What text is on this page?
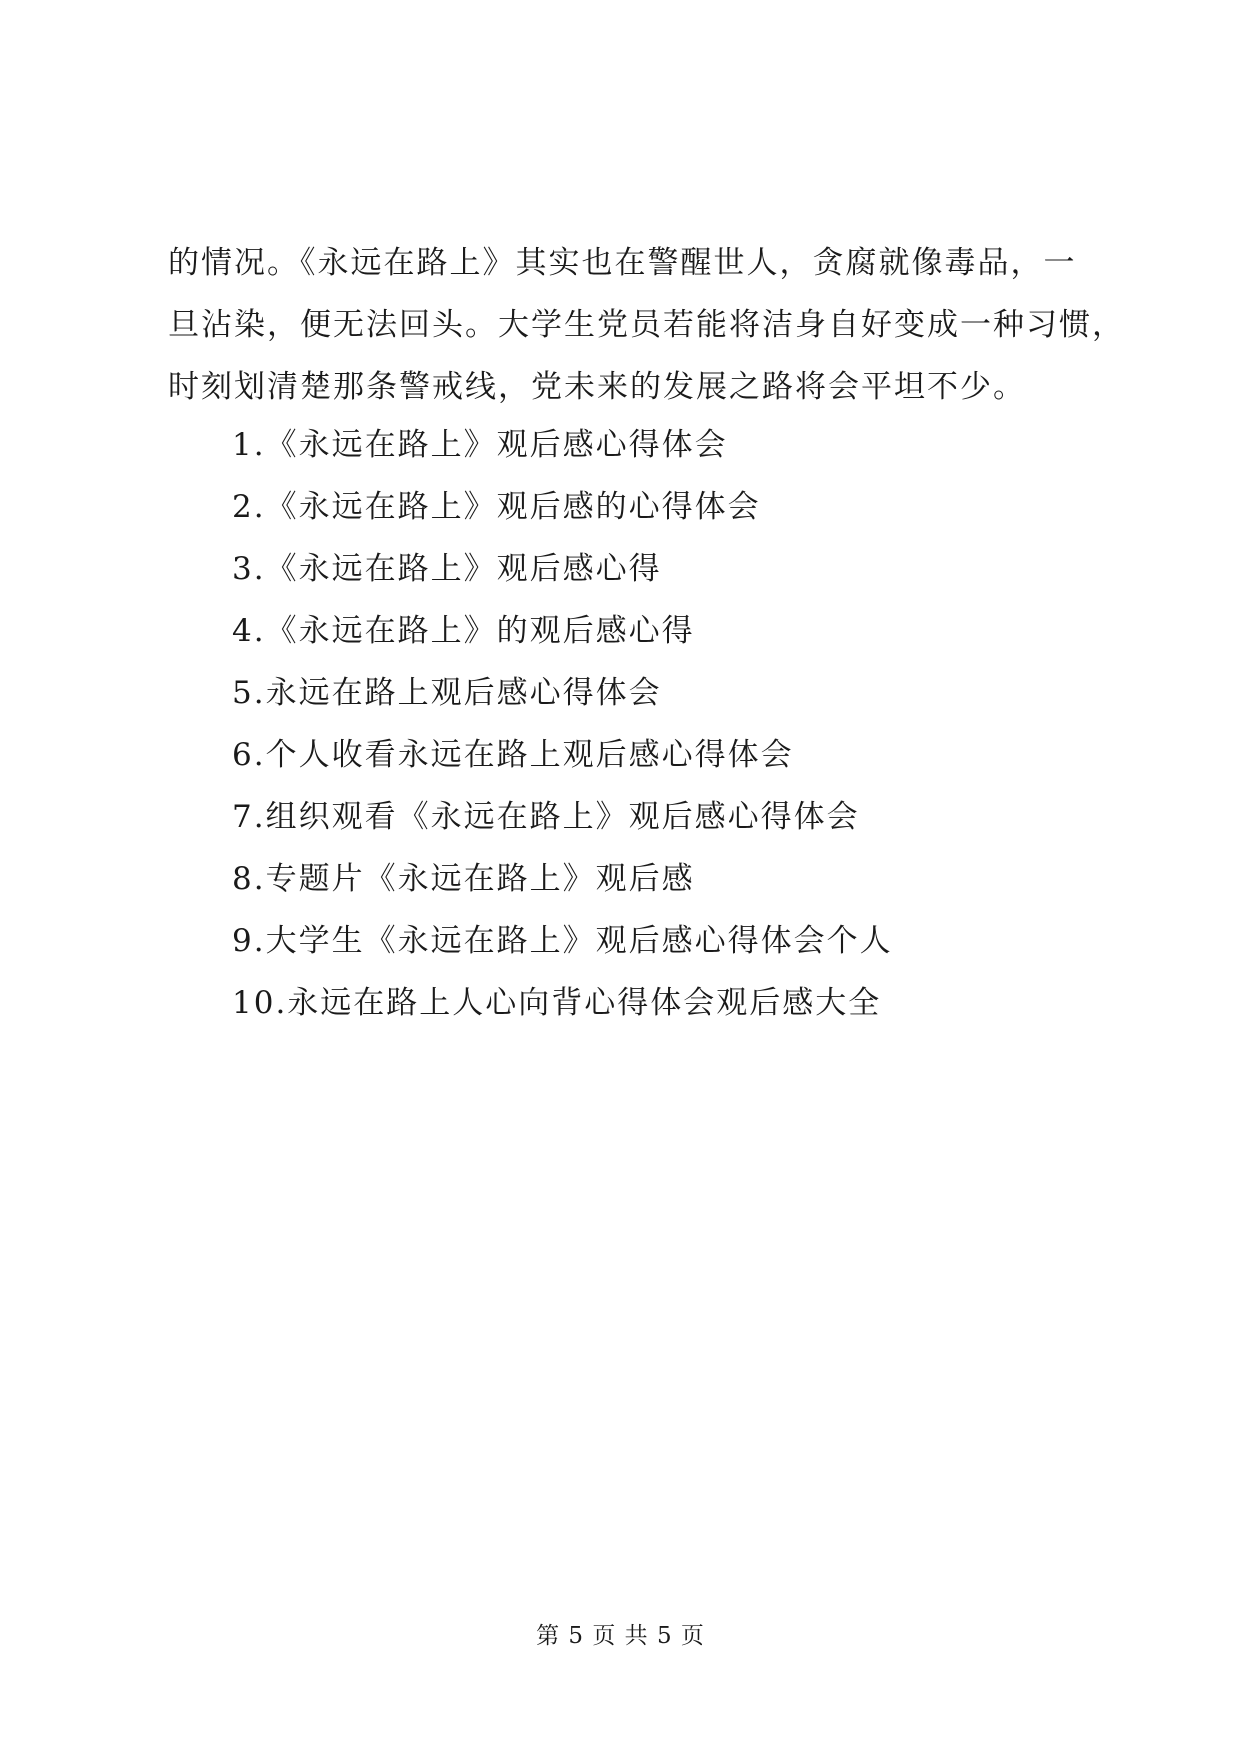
的情况。《永远在路上》其实也在警醒世人，贪腐就像毒品，一
旦沾染，便无法回头。大学生党员若能将洁身自好变成一种习惯，
时刻划清楚那条警戒线，党未来的发展之路将会平坦不少。

1.《永远在路上》观后感心得体会
2.《永远在路上》观后感的心得体会
3.《永远在路上》观后感心得
4.《永远在路上》的观后感心得
5.永远在路上观后感心得体会
6.个人收看永远在路上观后感心得体会
7.组织观看《永远在路上》观后感心得体会
8.专题片《永远在路上》观后感
9.大学生《永远在路上》观后感心得体会个人
10.永远在路上人心向背心得体会观后感大全
第 5 页 共 5 页
